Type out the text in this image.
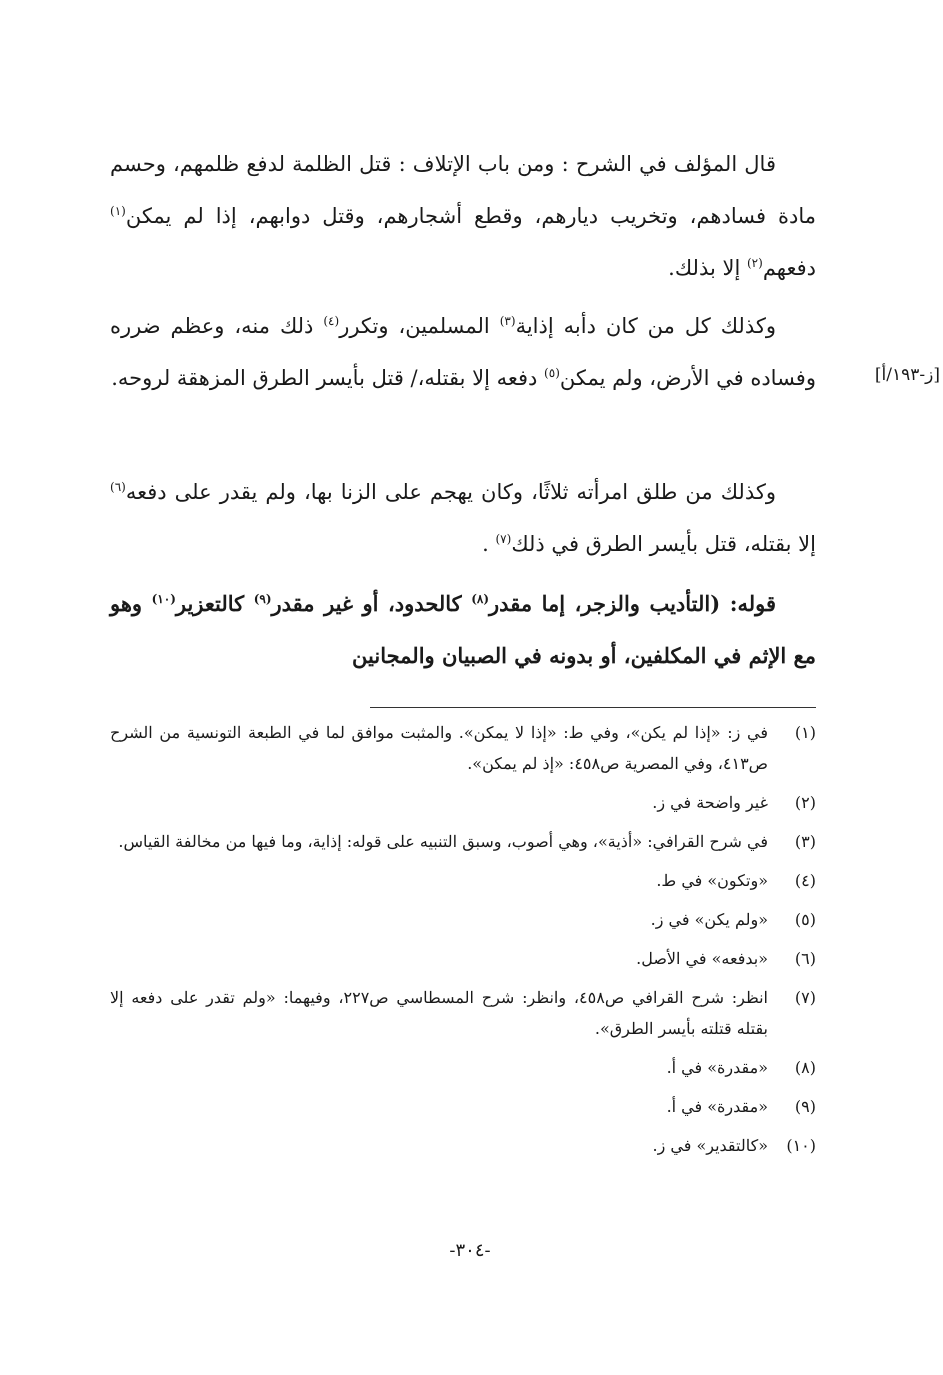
قال المؤلف في الشرح : ومن باب الإتلاف : قتل الظلمة لدفع ظلمهم، وحسم مادة فسادهم، وتخريب ديارهم، وقطع أشجارهم، وقتل دوابهم، إذا لم يمكن$^{(١)}$ دفعهم$^{(٢)}$ إلا بذلك.

وكذلك كل من كان دأبه إذاية$^{(٣)}$ المسلمين، وتكرر$^{(٤)}$ ذلك منه، وعظم ضرره وفساده في الأرض، ولم يمكن$^{(٥)}$ دفعه إلا بقتله،/ قتل بأيسر الطرق المزهقة لروحه.	[ز-١٩٣/أ]

وكذلك من طلق امرأته ثلاثًا، وكان يهجم على الزنا بها، ولم يقدر على دفعه$^{(٦)}$ إلا بقتله، قتل بأيسر الطرق في ذلك$^{(٧)}$ .

قوله: (التأديب والزجر، إما مقدر$^{(٨)}$ كالحدود، أو غير مقدر$^{(٩)}$ كالتعزير$^{(١٠)}$ وهو مع الإثم في المكلفين، أو بدونه في الصبيان والمجانين

(١)
في ز: «إذا لم يكن»، وفي ط: «إذا لا يمكن». والمثبت موافق لما في الطبعة التونسية من الشرح ص٤١٣، وفي المصرية ص٤٥٨: «إذ لم يمكن».
(٢)
غير واضحة في ز.
(٣)
في شرح القرافي: «أذية»، وهي أصوب، وسبق التنبيه على قوله: إذاية، وما فيها من مخالفة القياس.
(٤)
«وتكون» في ط.
(٥)
«ولم يكن» في ز.
(٦)
«بدفعه» في الأصل.
(٧)
انظر: شرح القرافي ص٤٥٨، وانظر: شرح المسطاسي ص٢٢٧، وفيهما: «ولم تقدر على دفعه إلا بقتله قتلته بأيسر الطرق».
(٨)
«مقدرة» في أ.
(٩)
«مقدرة» في أ.
(١٠)
«كالتقدير» في ز.
-٣٠٤-
